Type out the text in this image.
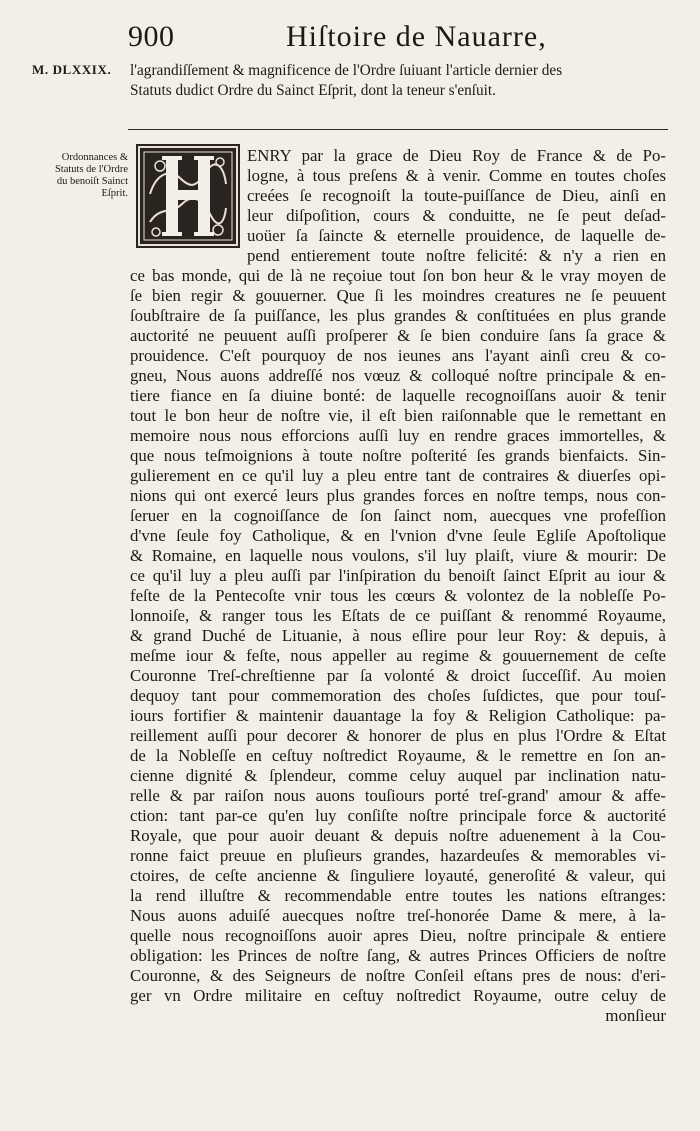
900	Hiſtoire de Nauarre,
M. DLXXIX. l'agrandiſſement & magnificence de l'Ordre ſuiuant l'article dernier des
Statuts dudict Ordre du Sainct Eſprit, dont la teneur s'enſuit.
Ordonnances &
Statuts de l'Ordre
du benoiſt Sainct
Eſprit.
ENRY par la grace de Dieu Roy de France & de Po-
logne, à tous preſens & à venir. Comme en toutes choſes
creées ſe recognoiſt la toute-puiſſance de Dieu, ainſi en
leur diſpoſition, cours & conduitte, ne ſe peut deſad-
uoüer ſa ſaincte & eternelle prouidence, de laquelle de-
pend entierement toute noſtre felicité: & n'y a rien en
ce bas monde, qui de là ne reçoiue tout ſon bon heur & le vray moyen de
ſe bien regir & gouuerner. Que ſi les moindres creatures ne ſe peuuent
ſoubſtraire de ſa puiſſance, les plus grandes & conſtituées en plus grande
auctorité ne peuuent auſſi proſperer & ſe bien conduire ſans ſa grace &
prouidence. C'eſt pourquoy de nos ieunes ans l'ayant ainſi creu & co-
gneu, Nous auons addreſſé nos vœuz & colloqué noſtre principale & en-
tiere fiance en ſa diuine bonté: de laquelle recognoiſſans auoir & tenir
tout le bon heur de noſtre vie, il eſt bien raiſonnable que le remettant en
memoire nous nous efforcions auſſi luy en rendre graces immortelles, &
que nous teſmoignions à toute noſtre poſterité ſes grands bienfaicts. Sin-
gulierement en ce qu'il luy a pleu entre tant de contraires & diuerſes opi-
nions qui ont exercé leurs plus grandes forces en noſtre temps, nous con-
ſeruer en la cognoiſſance de ſon ſainct nom, auecques vne profeſſion
d'vne ſeule foy Catholique, & en l'vnion d'vne ſeule Egliſe Apoſtolique
& Romaine, en laquelle nous voulons, s'il luy plaiſt, viure & mourir: De
ce qu'il luy a pleu auſſi par l'inſpiration du benoiſt ſainct Eſprit au iour &
feſte de la Pentecoſte vnir tous les cœurs & volontez de la nobleſſe Po-
lonnoiſe, & ranger tous les Eſtats de ce puiſſant & renommé Royaume,
& grand Duché de Lituanie, à nous eſlire pour leur Roy: & depuis, à
meſme iour & feſte, nous appeller au regime & gouuernement de ceſte
Couronne Treſ-chreſtienne par ſa volonté & droict ſucceſſif. Au moien
dequoy tant pour commemoration des choſes ſuſdictes, que pour touſ-
iours fortifier & maintenir dauantage la foy & Religion Catholique: pa-
reillement auſſi pour decorer & honorer de plus en plus l'Ordre & Eſtat
de la Nobleſſe en ceſtuy noſtredict Royaume, & le remettre en ſon an-
cienne dignité & ſplendeur, comme celuy auquel par inclination natu-
relle & par raiſon nous auons touſiours porté treſ-grand' amour & affe-
ction: tant par-ce qu'en luy conſiſte noſtre principale force & auctorité
Royale, que pour auoir deuant & depuis noſtre aduenement à la Cou-
ronne faict preuue en pluſieurs grandes, hazardeuſes & memorables vi-
ctoires, de ceſte ancienne & ſinguliere loyauté, generoſité & valeur, qui
la rend illuſtre & recommendable entre toutes les nations eſtranges:
Nous auons aduiſé auecques noſtre treſ-honorée Dame & mere, à la-
quelle nous recognoiſſons auoir apres Dieu, noſtre principale & entiere
obligation: les Princes de noſtre ſang, & autres Princes Officiers de noſtre
Couronne, & des Seigneurs de noſtre Conſeil eſtans pres de nous: d'eri-
ger vn Ordre militaire en ceſtuy noſtredict Royaume, outre celuy de
monſieur
